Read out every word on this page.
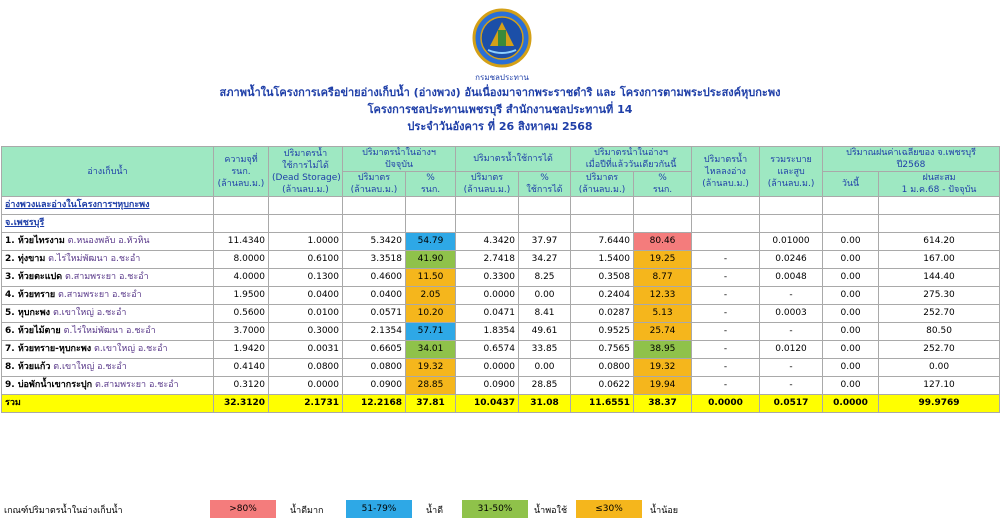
กรมชลประทาน
สภาพน้ำในโครงการเครือข่ายอ่างเก็บน้ำ (อ่างพวง) อันเนื่องมาจากพระราชดำริ และ โครงการตามพระประสงค์หุบกะพง
โครงการชลประทานเพชรบุรี สำนักงานชลประทานที่ 14
ประจำวันอังคาร ที่ 26 สิงหาคม 2568
อ่างเก็บน้ำ	ความจุที่
รนก.
(ล้านลบ.ม.)	ปริมาตรน้ำ
ใช้การไม่ได้
(Dead Storage)
(ล้านลบ.ม.)	ปริมาตรน้ำในอ่างฯ
ปัจจุบัน		ปริมาตรน้ำใช้การได้		ปริมาตรน้ำในอ่างฯ
เมื่อปีที่แล้ววันเดียวกันนี้		ปริมาตรน้ำ
ไหลลงอ่าง
(ล้านลบ.ม.)	รวมระบาย
และสูบ
(ล้านลบ.ม.)	ปริมาณฝนค่าเฉลี่ยของ จ.เพชรบุรี
ปี2568	
			ปริมาตร
(ล้านลบ.ม.)	%
รนก.	ปริมาตร
(ล้านลบ.ม.)	%
ใช้การได้	ปริมาตร
(ล้านลบ.ม.)	%
รนก.			วันนี้	ฝนสะสม
1 ม.ค.68 - ปัจจุบัน

อ่างพวงและอ่างในโครงการฯหุบกะพง												
จ.เพชรบุรี												
1. ห้วยไทรงาม ต.หนองพลับ อ.หัวหิน	11.4340	1.0000	5.3420	54.79	4.3420	37.97	7.6440	80.46		0.01000	0.00	614.20
2. ทุ่งขาม ต.ไร่ใหม่พัฒนา อ.ชะอำ	8.0000	0.6100	3.3518	41.90	2.7418	34.27	1.5400	19.25	-	0.0246	0.00	167.00
3. ห้วยตะแปด ต.สามพระยา อ.ชะอำ	4.0000	0.1300	0.4600	11.50	0.3300	8.25	0.3508	8.77	-	0.0048	0.00	144.40
4. ห้วยทราย ต.สามพระยา อ.ชะอำ	1.9500	0.0400	0.0400	2.05	0.0000	0.00	0.2404	12.33	-	-	0.00	275.30
5. หุบกะพง ต.เขาใหญ่ อ.ชะอำ	0.5600	0.0100	0.0571	10.20	0.0471	8.41	0.0287	5.13	-	0.0003	0.00	252.70
6. ห้วยไม้ตาย ต.ไร่ใหม่พัฒนา อ.ชะอำ	3.7000	0.3000	2.1354	57.71	1.8354	49.61	0.9525	25.74	-	-	0.00	80.50
7. ห้วยทราย-หุบกะพง ต.เขาใหญ่ อ.ชะอำ	1.9420	0.0031	0.6605	34.01	0.6574	33.85	0.7565	38.95	-	0.0120	0.00	252.70
8. ห้วยแก้ว ต.เขาใหญ่ อ.ชะอำ	0.4140	0.0800	0.0800	19.32	0.0000	0.00	0.0800	19.32	-	-	0.00	0.00
9. บ่อพักน้ำเขากระปุก ต.สามพระยา อ.ชะอำ	0.3120	0.0000	0.0900	28.85	0.0900	28.85	0.0622	19.94	-	-	0.00	127.10
รวม	32.3120	2.1731	12.2168	37.81	10.0437	31.08	11.6551	38.37	0.0000	0.0517	0.0000	99.9769
เกณฑ์ปริมาตรน้ำในอ่างเก็บน้ำ	>80%	น้ำดีมาก	51-79%	น้ำดี	31-50%	น้ำพอใช้	≤30%	น้ำน้อย
